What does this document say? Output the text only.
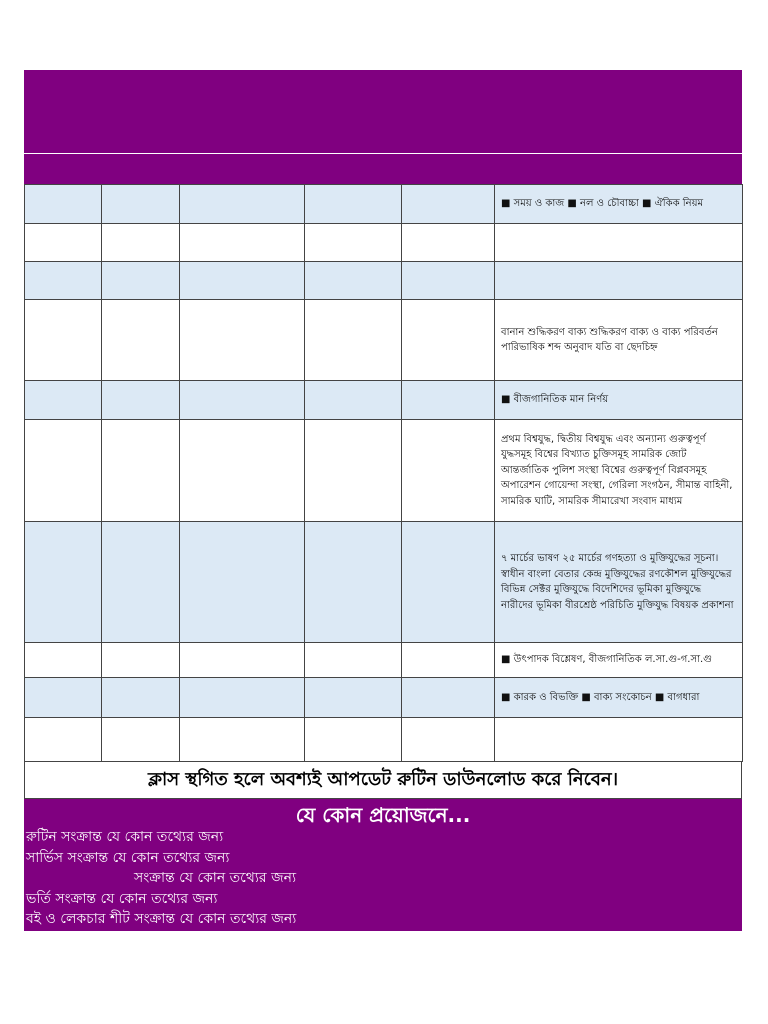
					■ সময় ও কাজ ■ নল ও চৌবাচ্চা ■ ঐকিক নিয়ম

					বানান শুদ্ধিকরণ বাক্য শুদ্ধিকরণ বাক্য ও বাক্য পরিবর্তন পারিভাষিক শব্দ অনুবাদ যতি বা ছেদচিহ্ন
					■ বীজগানিতিক মান নির্ণয়
					প্রথম বিশ্বযুদ্ধ, দ্বিতীয় বিশ্বযুদ্ধ এবং অন্যান্য গুরুত্বপূর্ণ যুদ্ধসমূহ বিশ্বের বিখ্যাত চুক্তিসমূহ সামরিক জোট আন্তর্জাতিক পুলিশ সংস্থা বিশ্বের গুরুত্বপূর্ণ বিপ্লবসমূহ অপারেশন গোয়েন্দা সংস্থা, গেরিলা সংগঠন, সীমান্ত বাহিনী, সামরিক ঘাটি, সামরিক সীমারেখা সংবাদ মাধ্যম
					৭ মার্চের ভাষণ ২৫ মার্চের গণহত্যা ও মুক্তিযুদ্ধের সূচনা। স্বাধীন বাংলা বেতার কেন্দ্র মুক্তিযুদ্ধের রণকৌশল মুক্তিযুদ্ধের বিভিন্ন সেক্টর মুক্তিযুদ্ধে বিদেশিদের ভূমিকা মুক্তিযুদ্ধে নারীদের ভূমিকা বীরশ্রেষ্ঠ পরিচিতি মুক্তিযুদ্ধ বিষয়ক প্রকাশনা
					■ উৎপাদক বিশ্লেষণ, বীজগানিতিক ল.সা.গু-গ.সা.গু
					■ কারক ও বিভক্তি ■ বাক্য সংকোচন ■ বাগধারা

ক্লাস স্থগিত হলে অবশ্যই আপডেট রুটিন ডাউনলোড করে নিবেন।
যে কোন প্রয়োজনে...
রুটিন সংক্রান্ত যে কোন তথ্যের জন্য
সার্ভিস সংক্রান্ত যে কোন তথ্যের জন্য
সংক্রান্ত যে কোন তথ্যের জন্য
ভর্তি সংক্রান্ত যে কোন তথ্যের জন্য
বই ও লেকচার শীট সংক্রান্ত যে কোন তথ্যের জন্য
